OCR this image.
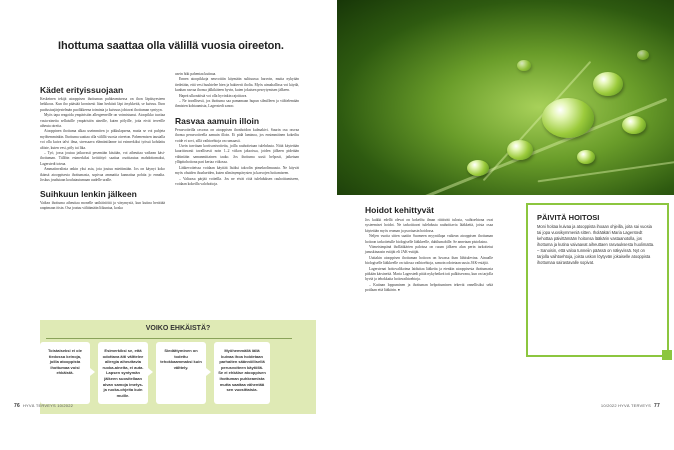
Ihottuma saattaa olla välillä vuosia oireeton.
Kädet erityissuojaan

Keskeinen tekijä atooppisen ihottuman puhkeamisessa on ihon läpäisyesteen heikkous. Kun iho päästää kronisesti liian herkästi läpi ärsykkeitä, se kuivuu. Ihon puolustusjärjestelmän puolikkeena toiminta ja kuivuus johtavat ihottuman syntyyn.

Myös tapa reagoida ympäristön allergeeneille on voimistunut. Atoopikko tuottaa vasta-aineita sellaisille ympäristön aineille, kuten pölyille, joita eivät terveille aiheuta oireita.

Atooppinen ihottuma alkaa useimmiten jo pikkulapsena, mutta se voi puhjeta myöhemminkin. Ihottuma saattaa olla välillä vuosia oireeton. Pahenemisen taustalla voi olla kuiva talvi ilma, stressaava elämäntilanne tai esimerkiksi työssä kohdattu altiste, kuten vesi, pöly tai lika.

– Työ, jossa joutuu jatkuvasti pesemään käsiään, voi aiheuttaa vaikean käsi-ihottuman. Tällöin esimerkiksi keittiötyö saattaa osoittautua mahdottomaksi, Lagerstedt toteaa.

Ammatinvalinta onkin yksi asia, jota joutuu miettimään. Jos on käynyt koko ikänsä atooppisesta ihottumasta, sopivaa ammattia kannattaa pohtia jo ennalta. Joskus joudutaan koulutautumaan uudelle uralle.

Suihkuun lenkin jälkeen

Vaikea ihottuma aiheuttaa monelle unihäiriöitä ja väsymystä, kun kutina herättää raapimaan öisin. Osa joutuu välttämään liikuntaa, koska

usein hiki pahentaa kutinaa.

Ennen atoopikkoja neuvottiin käymään sulttuussa harvoin, mutta nykyään tiedetään, että vesi huuhtelee hien ja bakteerit iholta. Myös uimahallissa voi käydä, kunhan rasvaa ihonsa jälkikäteen hyvin, kuten jokaisen peseytymisen jälkeen.

Hapeä ulkonäöstä voi olla hyvinkin rajoittava.

– Ne tavallisesti, jos ihottuma saa pamamaan hupun silmilleen ja välttelemään ihmisten kohtaamista, Lagerstedt sanoo.

Rasvaa aamuin illoin

Perusvoiteilla rasvaus on atooppisen ihonhoidon kulmakivi. Suurin osa rasvaa ihonsa perusvoiteella aamuin illoin. Ei pidä laminoa, jos ensimmäinen kokeiltu voide ei sovi, sillä vaihtoehtoja on runsaasti.

Usein tarvitaan kortisonivoiteita, joilla rauhoitetaan tulehdusta. Niitä käytetään kuurittavasti tavallisesti noin 1–2 viikon jaksoissa, joiden jälkeen pidetään vähintään samanmittainen tauko. Jos ihottuma uusii helposti, jatketaan ylläpitohoitona pari kertaa viikossa.

Lääkevoiteissa voidaan käyttää lisäksi takrolin pimekrolimuusta. Ne käyvät myös ohuiden ihoalueiden, kuten silmänympärysten ja kasvojen hoitamiseen.

– Valtaosa pärjää voiteilla. Jos ne eivät riitä tulehduksen rauhoittamiseen, voidaan kokeilla valohoitoja.

VOIKO EHKÄISTÄ?
Toistaiseksi ei ole tiedossa keinoja, joilla atooppista ihottumaa voisi ehkäistä.
Esimerkiksi se, että odottava äiti välttelee allergia aiheuttavia ruoka-aineita, ei auta. Lapsen syntymän jälkeen suositellaan aivan samoja imetys- ja ruoka-ohjeita kuin muille.
Siedättyminen on todettu tehokkaammaksi kuin välttely.
Myöhemmällä iällä kuivaa ihoa hoidetaan parhaiten säännöllisellä perusvoiteen käytöllä. Se ei ehkäise atooppisen ihottuman puhkeamista mutta saattaa vähentää sen vuosittaisia.
76 HYVÄ TERVEYS 10/2022
Hoidot kehittyvät

Jos kaikki edellä olevat on kokeiltu ilman riittävää tulosta, vaihtoehtona ovat systeemiset hoidot. Ne tarkoittavat tulehdusta rauhoittavia lääkkeitä, joista osaa käytetään myös reuman ja psoriaasin hoidossa.

Neljen vuotta sitten saatiin Suomeen myyntilupa vaikean atooppisen ihottuman hoitoon tarkoitetulle biologiselle lääkkeelle, duhilumabille. Se annetaan pistoksina.

Viimeisimpänä ihollääkärien paloissa on ruoan jälkeen alun perin tarkoitetut januskinaasin estäjät eli JAK-estäjät.

Uuttakin atooppisen ihottuman hoitoon on luvassa ihan lähitulevina. Ainoalle biologiselle lääkkeelle on tulossa vaihtoehtoja, samoin odotetaan uusia JAK-estäjiä.

Lagerstenat hoitovalikoima laiduttaa lääkeita ja etenkin atooppisesta ihottumasta pitkään kärsineitä. Maria Lagerstedt pitää nykyhetkeä toti palkitsevana, kun on tarjolla hyviä ja tehokkaita hoitovaihtoehtoja.

– Kutinan loppuminen ja ihottuman helpottuminen tekevät onnellisiksi sekä potilaan että lääkärin. ●

PÄIVITÄ HOITOSI
Moni hoitaa kuivaa ja atooppista ihoaan ohjeilla, joita sai vuosia tai jopa vuosikymmeniä sitten. Iholääkäri Maria Lagerstedt kehottaa päivittämään hoitonsa lääkärin vastaanotolla, jos ihottuma ja kutina vaivaavat aiheuttaen rasvauksesta huolimatta. – Sanoisin, että valoa tunneiin päässä on näkyvissä. Nyt on tarjolla vaihtoehtoja, joista uskon löytyvän jokaiselle atooppista ihottumaa sairastavalle sopivat.
10/2022 HYVÄ TERVEYS 77
